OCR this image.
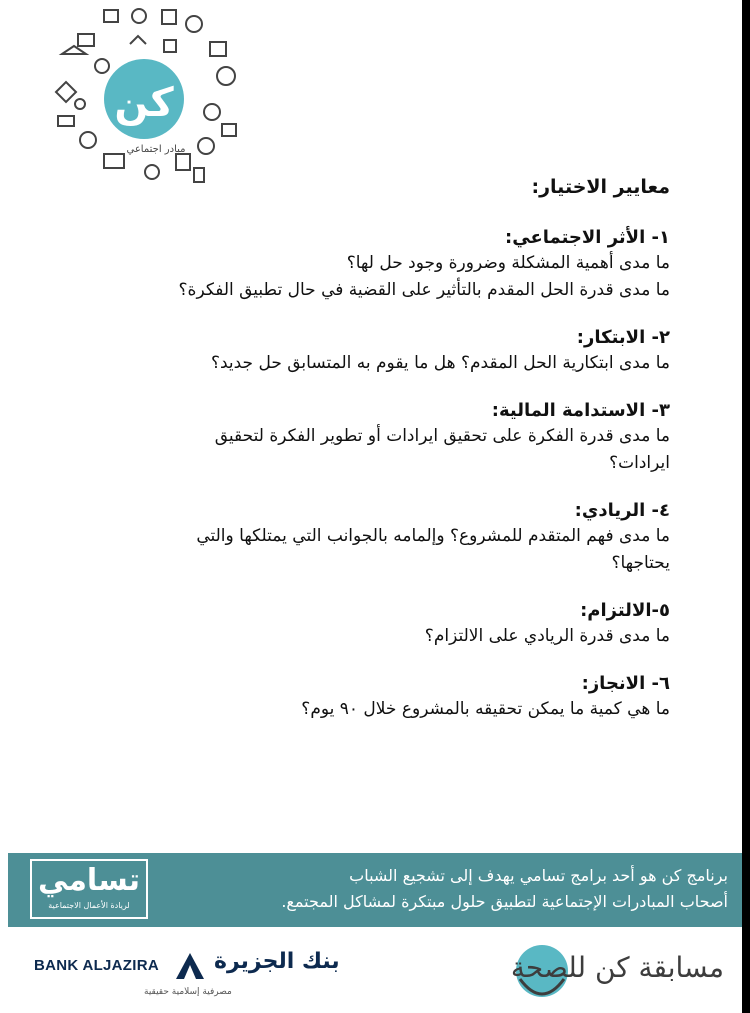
كن
مبادر اجتماعي
معايير الاختيار:
١- الأثر الاجتماعي:
ما مدى أهمية المشكلة وضرورة وجود حل لها؟
ما مدى قدرة الحل المقدم بالتأثير على القضية في حال تطبيق الفكرة؟
٢- الابتكار:
ما مدى ابتكارية الحل المقدم؟ هل ما يقوم به المتسابق حل جديد؟
٣- الاستدامة المالية:
ما مدى قدرة الفكرة على تحقيق ايرادات أو تطوير الفكرة لتحقيق
ايرادات؟
٤- الريادي:
ما مدى فهم المتقدم للمشروع؟ وإلمامه بالجوانب التي يمتلكها والتي
يحتاجها؟
٥-الالتزام:
ما مدى قدرة الريادي على الالتزام؟
٦- الانجاز:
ما هي كمية ما يمكن تحقيقه بالمشروع خلال ٩٠ يوم؟
تسامي
لريادة الأعمال الاجتماعية
برنامج كن هو أحد برامج تسامي يهدف إلى تشجيع الشباب
أصحاب المبادرات الإجتماعية لتطبيق حلول مبتكرة لمشاكل المجتمع.
BANK ALJAZIRA بنك الجزيرة
مصرفية إسلامية حقيقية
مسابقة كن للصحة
